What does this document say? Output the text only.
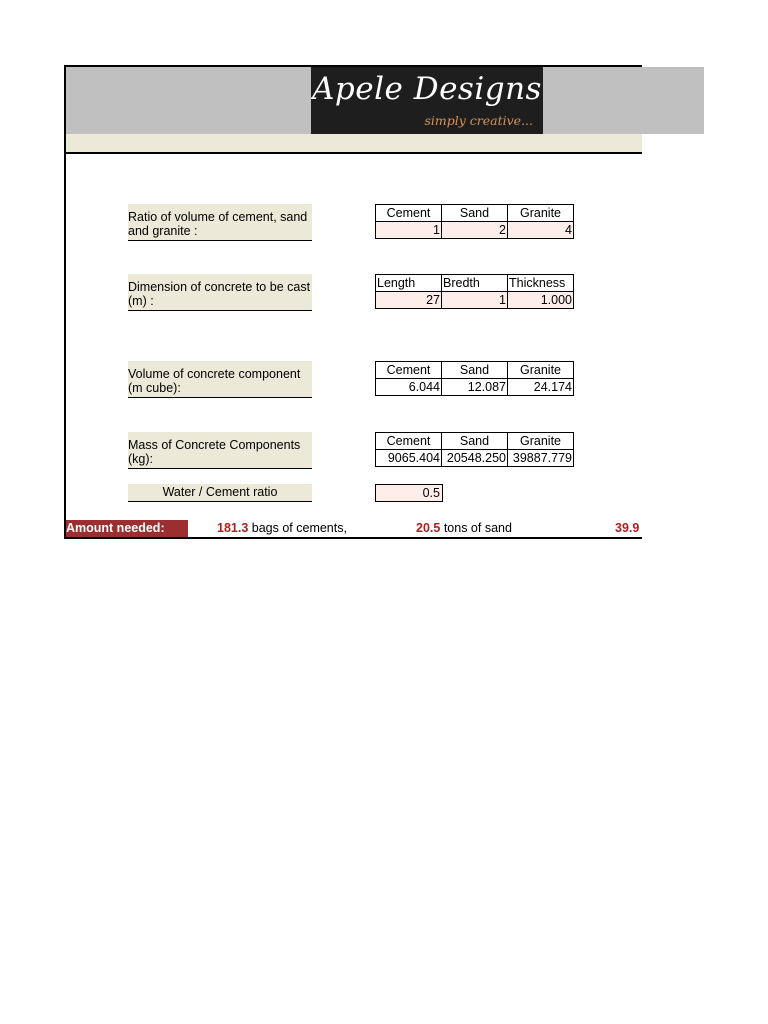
Apele Designs
simply creative...
Ratio of volume of cement, sand and granite :
Cement	Sand	Granite
1	2	4
Dimension of concrete to be cast (m) :
Length	Bredth	Thickness
27	1	1.000
Volume of concrete component (m cube):
Cement	Sand	Granite
6.044	12.087	24.174
Mass of Concrete Components (kg):
Cement	Sand	Granite
9065.404	20548.250	39887.779
Water / Cement ratio	0.5
Amount needed:	181.3 bags of cements,	20.5 tons of sand	39.9
